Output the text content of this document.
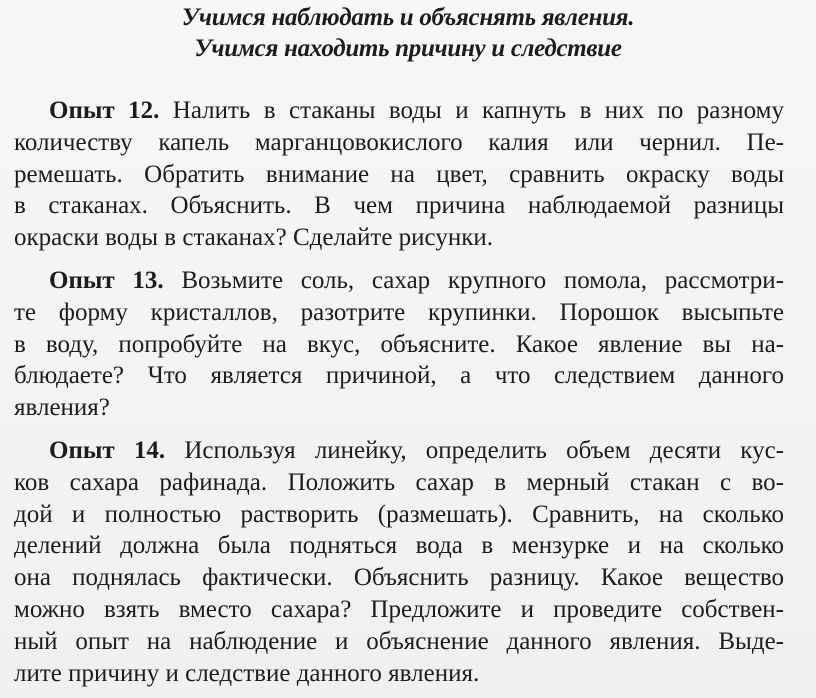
Учимся наблюдать и объяснять явления.
Учимся находить причину и следствие
Опыт 12. Налить в стаканы воды и капнуть в них по разному
количеству капель марганцовокислого калия или чернил. Пе-
ремешать. Обратить внимание на цвет, сравнить окраску воды
в стаканах. Объяснить. В чем причина наблюдаемой разницы
окраски воды в стаканах? Сделайте рисунки.
Опыт 13. Возьмите соль, сахар крупного помола, рассмотри-
те форму кристаллов, разотрите крупинки. Порошок высыпьте
в воду, попробуйте на вкус, объясните. Какое явление вы на-
блюдаете? Что является причиной, а что следствием данного
явления?
Опыт 14. Используя линейку, определить объем десяти кус-
ков сахара рафинада. Положить сахар в мерный стакан с во-
дой и полностью растворить (размешать). Сравнить, на сколько
делений должна была подняться вода в мензурке и на сколько
она поднялась фактически. Объяснить разницу. Какое вещество
можно взять вместо сахара? Предложите и проведите собствен-
ный опыт на наблюдение и объяснение данного явления. Выде-
лите причину и следствие данного явления.
